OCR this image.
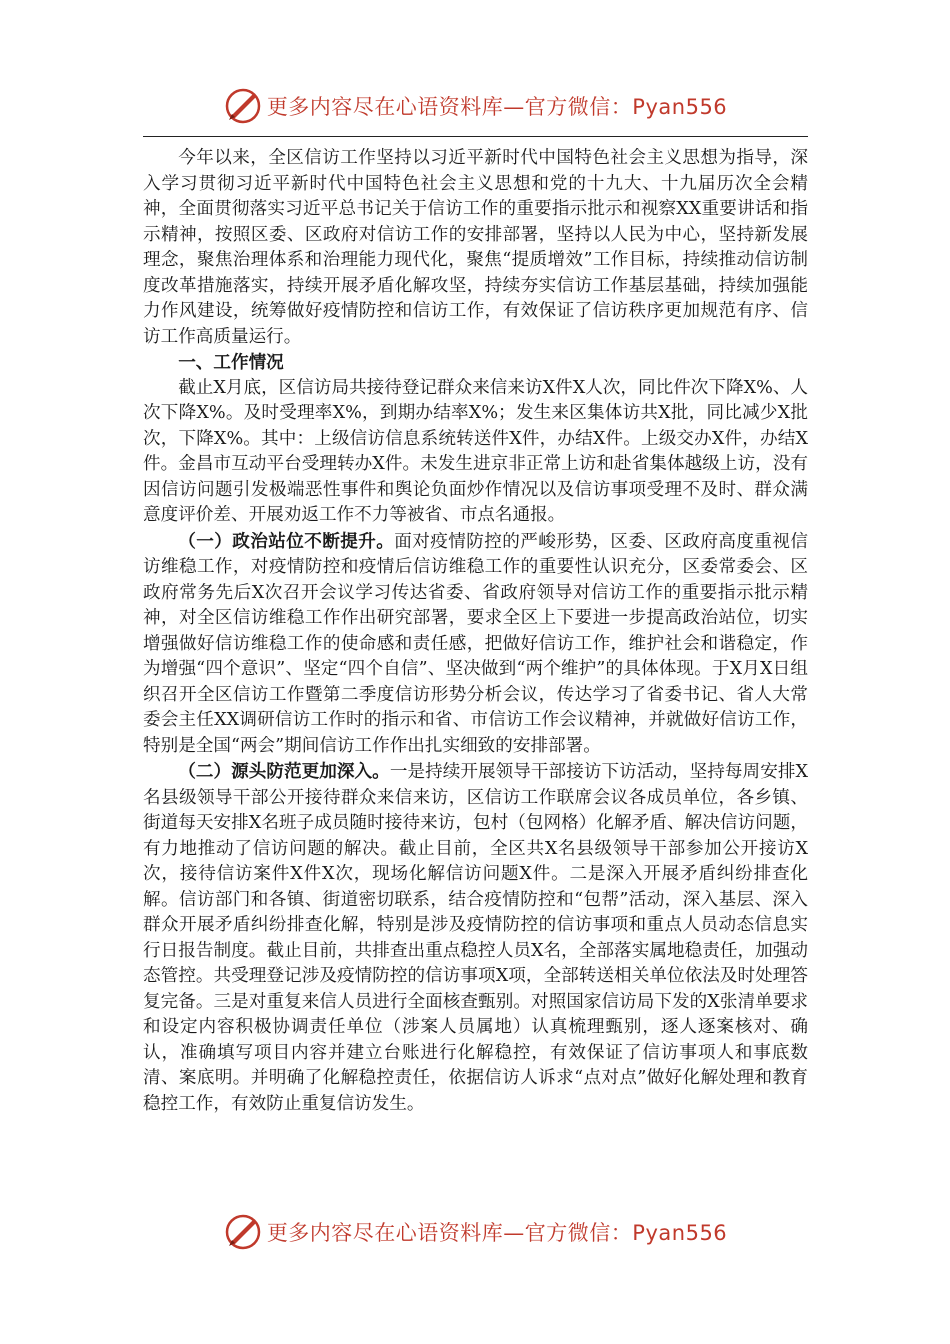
更多内容尽在心语资料库—官方微信：Pyan556

今年以来，全区信访工作坚持以习近平新时代中国特色社会主义思想为指导，深入学习贯彻习近平新时代中国特色社会主义思想和党的十九大、十九届历次全会精神，全面贯彻落实习近平总书记关于信访工作的重要指示批示和视察XX重要讲话和指示精神，按照区委、区政府对信访工作的安排部署，坚持以人民为中心，坚持新发展理念，聚焦治理体系和治理能力现代化，聚焦“提质增效”工作目标，持续推动信访制度改革措施落实，持续开展矛盾化解攻坚，持续夯实信访工作基层基础，持续加强能力作风建设，统筹做好疫情防控和信访工作，有效保证了信访秩序更加规范有序、信访工作高质量运行。

一、工作情况

截止X月底，区信访局共接待登记群众来信来访X件X人次，同比件次下降X%、人次下降X%。及时受理率X%，到期办结率X%；发生来区集体访共X批，同比减少X批次，下降X%。其中：上级信访信息系统转送件X件，办结X件。上级交办X件，办结X件。金昌市互动平台受理转办X件。未发生进京非正常上访和赴省集体越级上访，没有因信访问题引发极端恶性事件和舆论负面炒作情况以及信访事项受理不及时、群众满意度评价差、开展劝返工作不力等被省、市点名通报。

（一）政治站位不断提升。面对疫情防控的严峻形势，区委、区政府高度重视信访维稳工作，对疫情防控和疫情后信访维稳工作的重要性认识充分，区委常委会、区政府常务先后X次召开会议学习传达省委、省政府领导对信访工作的重要指示批示精神，对全区信访维稳工作作出研究部署，要求全区上下要进一步提高政治站位，切实增强做好信访维稳工作的使命感和责任感，把做好信访工作，维护社会和谐稳定，作为增强“四个意识”、坚定“四个自信”、坚决做到“两个维护”的具体体现。于X月X日组织召开全区信访工作暨第二季度信访形势分析会议，传达学习了省委书记、省人大常委会主任XX调研信访工作时的指示和省、市信访工作会议精神，并就做好信访工作，特别是全国“两会”期间信访工作作出扎实细致的安排部署。

（二）源头防范更加深入。一是持续开展领导干部接访下访活动，坚持每周安排X名县级领导干部公开接待群众来信来访，区信访工作联席会议各成员单位，各乡镇、街道每天安排X名班子成员随时接待来访，包村（包网格）化解矛盾、解决信访问题，有力地推动了信访问题的解决。截止目前，全区共X名县级领导干部参加公开接访X次，接待信访案件X件X次，现场化解信访问题X件。二是深入开展矛盾纠纷排查化解。信访部门和各镇、街道密切联系，结合疫情防控和“包帮”活动，深入基层、深入群众开展矛盾纠纷排查化解，特别是涉及疫情防控的信访事项和重点人员动态信息实行日报告制度。截止目前，共排查出重点稳控人员X名，全部落实属地稳责任，加强动态管控。共受理登记涉及疫情防控的信访事项X项，全部转送相关单位依法及时处理答复完备。三是对重复来信人员进行全面核查甄别。对照国家信访局下发的X张清单要求和设定内容积极协调责任单位（涉案人员属地）认真梳理甄别，逐人逐案核对、确认，准确填写项目内容并建立台账进行化解稳控，有效保证了信访事项人和事底数清、案底明。并明确了化解稳控责任，依据信访人诉求“点对点”做好化解处理和教育稳控工作，有效防止重复信访发生。

更多内容尽在心语资料库—官方微信：Pyan556
